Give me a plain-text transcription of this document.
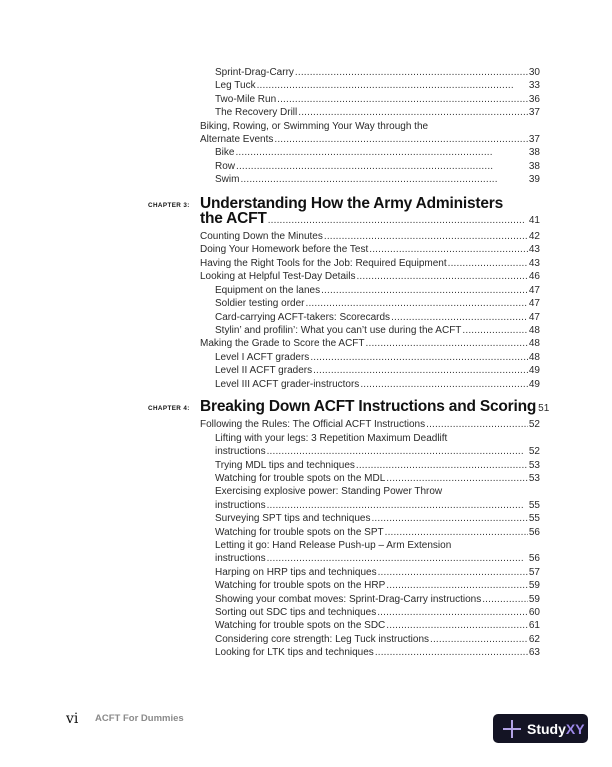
Sprint-Drag-Carry . . .	30
Leg Tuck . . .	33
Two-Mile Run . . .	36
The Recovery Drill . . .	37
Biking, Rowing, or Swimming Your Way through the
Alternate Events . . .	37
Bike . . .	38
Row . . .	38
Swim . . .	39
CHAPTER 3: Understanding How the Army Administers
the ACFT . . .	41
Counting Down the Minutes . . .	42
Doing Your Homework before the Test . . .	43
Having the Right Tools for the Job: Required Equipment . . .	43
Looking at Helpful Test-Day Details . . .	46
Equipment on the lanes . . .	47
Soldier testing order . . .	47
Card-carrying ACFT-takers: Scorecards . . .	47
Stylin’ and profilin’: What you can’t use during the ACFT . . .	48
Making the Grade to Score the ACFT . . .	48
Level I ACFT graders . . .	48
Level II ACFT graders . . .	49
Level III ACFT grader-instructors . . .	49
CHAPTER 4: Breaking Down ACFT Instructions and Scoring 51
Following the Rules: The Official ACFT Instructions . . .	52
Lifting with your legs: 3 Repetition Maximum Deadlift
instructions . . .	52
Trying MDL tips and techniques . . .	53
Watching for trouble spots on the MDL . . .	53
Exercising explosive power: Standing Power Throw
instructions . . .	55
Surveying SPT tips and techniques . . .	55
Watching for trouble spots on the SPT . . .	56
Letting it go: Hand Release Push-up – Arm Extension
instructions . . .	56
Harping on HRP tips and techniques . . .	57
Watching for trouble spots on the HRP . . .	59
Showing your combat moves: Sprint-Drag-Carry instructions . . .	59
Sorting out SDC tips and techniques . . .	60
Watching for trouble spots on the SDC . . .	61
Considering core strength: Leg Tuck instructions . . .	62
Looking for LTK tips and techniques . . .	63
vi ACFT For Dummies
StudyXY
